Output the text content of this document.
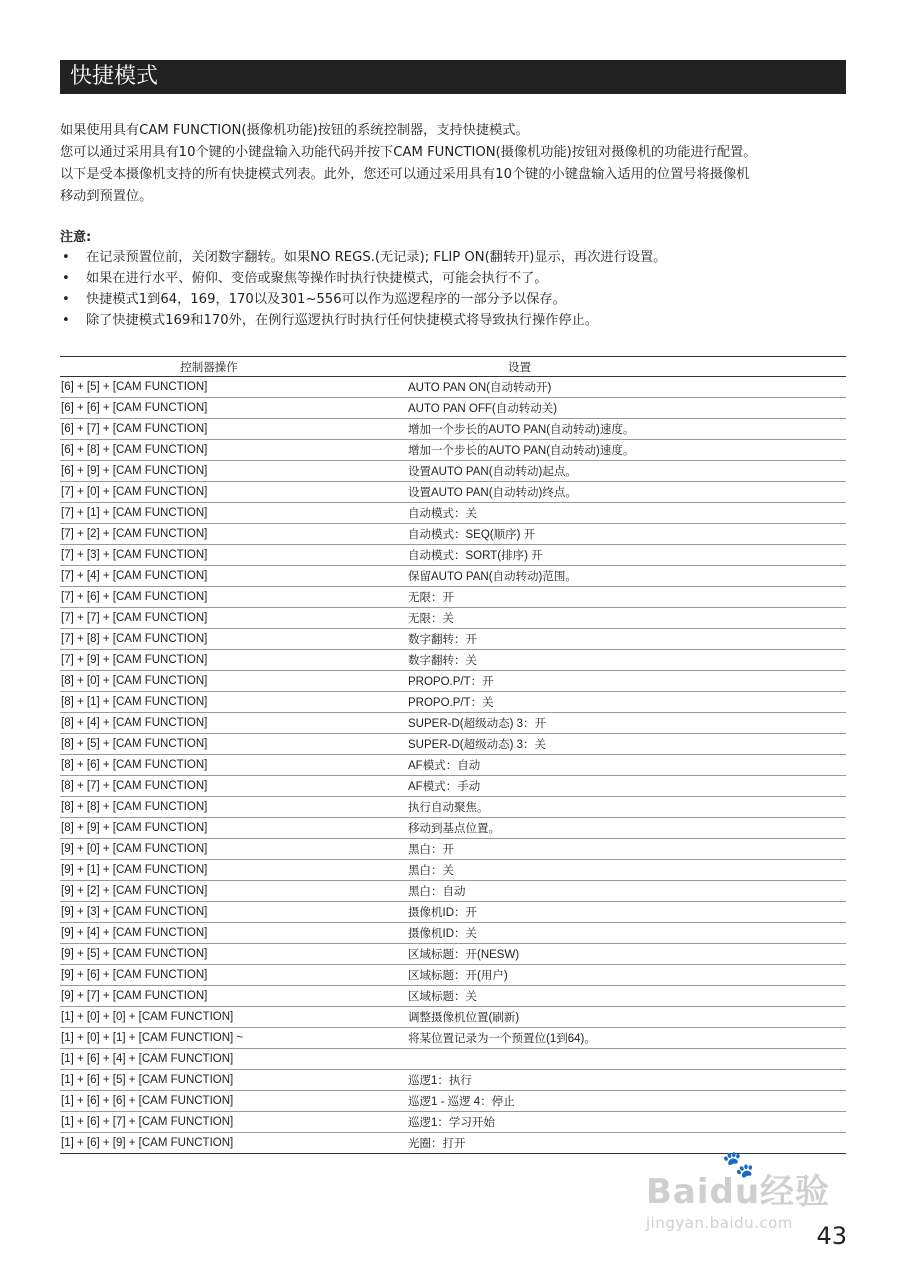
快捷模式

如果使用具有CAM FUNCTION(摄像机功能)按钮的系统控制器，支持快捷模式。

您可以通过采用具有10个键的小键盘输入功能代码并按下CAM FUNCTION(摄像机功能)按钮对摄像机的功能进行配置。

以下是受本摄像机支持的所有快捷模式列表。此外，您还可以通过采用具有10个键的小键盘输入适用的位置号将摄像机

移动到预置位。

注意:
• 在记录预置位前，关闭数字翻转。如果NO REGS.(无记录); FLIP ON(翻转开)显示，再次进行设置。
• 如果在进行水平、俯仰、变倍或聚焦等操作时执行快捷模式，可能会执行不了。
• 快捷模式1到64，169，170以及301~556可以作为巡逻程序的一部分予以保存。
• 除了快捷模式169和170外，在例行巡逻执行时执行任何快捷模式将导致执行操作停止。
控制器操作	设置
[6] + [5] + [CAM FUNCTION]	AUTO PAN ON(自动转动开)
[6] + [6] + [CAM FUNCTION]	AUTO PAN OFF(自动转动关)
[6] + [7] + [CAM FUNCTION]	增加一个步长的AUTO PAN(自动转动)速度。
[6] + [8] + [CAM FUNCTION]	增加一个步长的AUTO PAN(自动转动)速度。
[6] + [9] + [CAM FUNCTION]	设置AUTO PAN(自动转动)起点。
[7] + [0] + [CAM FUNCTION]	设置AUTO PAN(自动转动)终点。
[7] + [1] + [CAM FUNCTION]	自动模式：关
[7] + [2] + [CAM FUNCTION]	自动模式：SEQ(顺序) 开
[7] + [3] + [CAM FUNCTION]	自动模式：SORT(排序) 开
[7] + [4] + [CAM FUNCTION]	保留AUTO PAN(自动转动)范围。
[7] + [6] + [CAM FUNCTION]	无限：开
[7] + [7] + [CAM FUNCTION]	无限：关
[7] + [8] + [CAM FUNCTION]	数字翻转：开
[7] + [9] + [CAM FUNCTION]	数字翻转：关
[8] + [0] + [CAM FUNCTION]	PROPO.P/T：开
[8] + [1] + [CAM FUNCTION]	PROPO.P/T：关
[8] + [4] + [CAM FUNCTION]	SUPER-D(超级动态) 3：开
[8] + [5] + [CAM FUNCTION]	SUPER-D(超级动态) 3：关
[8] + [6] + [CAM FUNCTION]	AF模式：自动
[8] + [7] + [CAM FUNCTION]	AF模式：手动
[8] + [8] + [CAM FUNCTION]	执行自动聚焦。
[8] + [9] + [CAM FUNCTION]	移动到基点位置。
[9] + [0] + [CAM FUNCTION]	黑白：开
[9] + [1] + [CAM FUNCTION]	黑白：关
[9] + [2] + [CAM FUNCTION]	黑白：自动
[9] + [3] + [CAM FUNCTION]	摄像机ID：开
[9] + [4] + [CAM FUNCTION]	摄像机ID：关
[9] + [5] + [CAM FUNCTION]	区域标题：开(NESW)
[9] + [6] + [CAM FUNCTION]	区域标题：开(用户)
[9] + [7] + [CAM FUNCTION]	区域标题：关
[1] + [0] + [0] + [CAM FUNCTION]	调整摄像机位置(刷新)
[1] + [0] + [1] + [CAM FUNCTION] ~	将某位置记录为一个预置位(1到64)。
[1] + [6] + [4] + [CAM FUNCTION]	
[1] + [6] + [5] + [CAM FUNCTION]	巡逻1：执行
[1] + [6] + [6] + [CAM FUNCTION]	巡逻1 - 巡逻 4：停止
[1] + [6] + [7] + [CAM FUNCTION]	巡逻1：学习开始
[1] + [6] + [9] + [CAM FUNCTION]	光圈：打开
🐾
Baidu经验
jingyan.baidu.com 43
